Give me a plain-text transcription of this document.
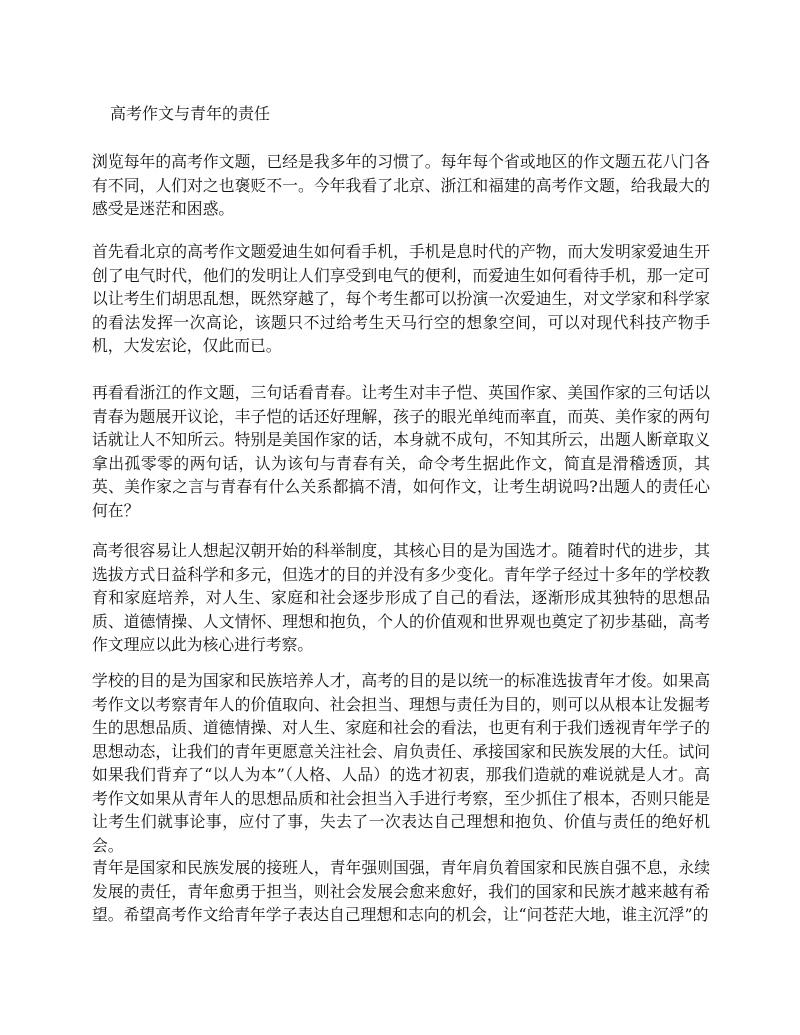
高考作文与青年的责任

浏览每年的高考作文题，已经是我多年的习惯了。每年每个省或地区的作文题五花八门各有不同，人们对之也褒贬不一。今年我看了北京、浙江和福建的高考作文题，给我最大的感受是迷茫和困惑。

首先看北京的高考作文题爱迪生如何看手机，手机是息时代的产物，而大发明家爱迪生开创了电气时代，他们的发明让人们享受到电气的便利，而爱迪生如何看待手机，那一定可以让考生们胡思乱想，既然穿越了，每个考生都可以扮演一次爱迪生，对文学家和科学家的看法发挥一次高论，该题只不过给考生天马行空的想象空间，可以对现代科技产物手机，大发宏论，仅此而已。

再看看浙江的作文题，三句话看青春。让考生对丰子恺、英国作家、美国作家的三句话以青春为题展开议论，丰子恺的话还好理解，孩子的眼光单纯而率直，而英、美作家的两句话就让人不知所云。特别是美国作家的话，本身就不成句，不知其所云，出题人断章取义拿出孤零零的两句话，认为该句与青春有关，命令考生据此作文，简直是滑稽透顶，其英、美作家之言与青春有什么关系都搞不清，如何作文，让考生胡说吗?出题人的责任心何在？

高考很容易让人想起汉朝开始的科举制度，其核心目的是为国选才。随着时代的进步，其选拔方式日益科学和多元，但选才的目的并没有多少变化。青年学子经过十多年的学校教育和家庭培养，对人生、家庭和社会逐步形成了自己的看法，逐渐形成其独特的思想品质、道德情操、人文情怀、理想和抱负，个人的价值观和世界观也奠定了初步基础，高考作文理应以此为核心进行考察。

学校的目的是为国家和民族培养人才，高考的目的是以统一的标准选拔青年才俊。如果高考作文以考察青年人的价值取向、社会担当、理想与责任为目的，则可以从根本让发掘考生的思想品质、道德情操、对人生、家庭和社会的看法，也更有利于我们透视青年学子的思想动态，让我们的青年更愿意关注社会、肩负责任、承接国家和民族发展的大任。试问如果我们背弃了“以人为本”（人格、人品）的选才初衷，那我们造就的难说就是人才。高考作文如果从青年人的思想品质和社会担当入手进行考察，至少抓住了根本，否则只能是让考生们就事论事，应付了事，失去了一次表达自己理想和抱负、价值与责任的绝好机会。

青年是国家和民族发展的接班人，青年强则国强，青年肩负着国家和民族自强不息，永续发展的责任，青年愈勇于担当，则社会发展会愈来愈好，我们的国家和民族才越来越有希望。希望高考作文给青年学子表达自己理想和志向的机会，让“问苍茫大地，谁主沉浮”的
